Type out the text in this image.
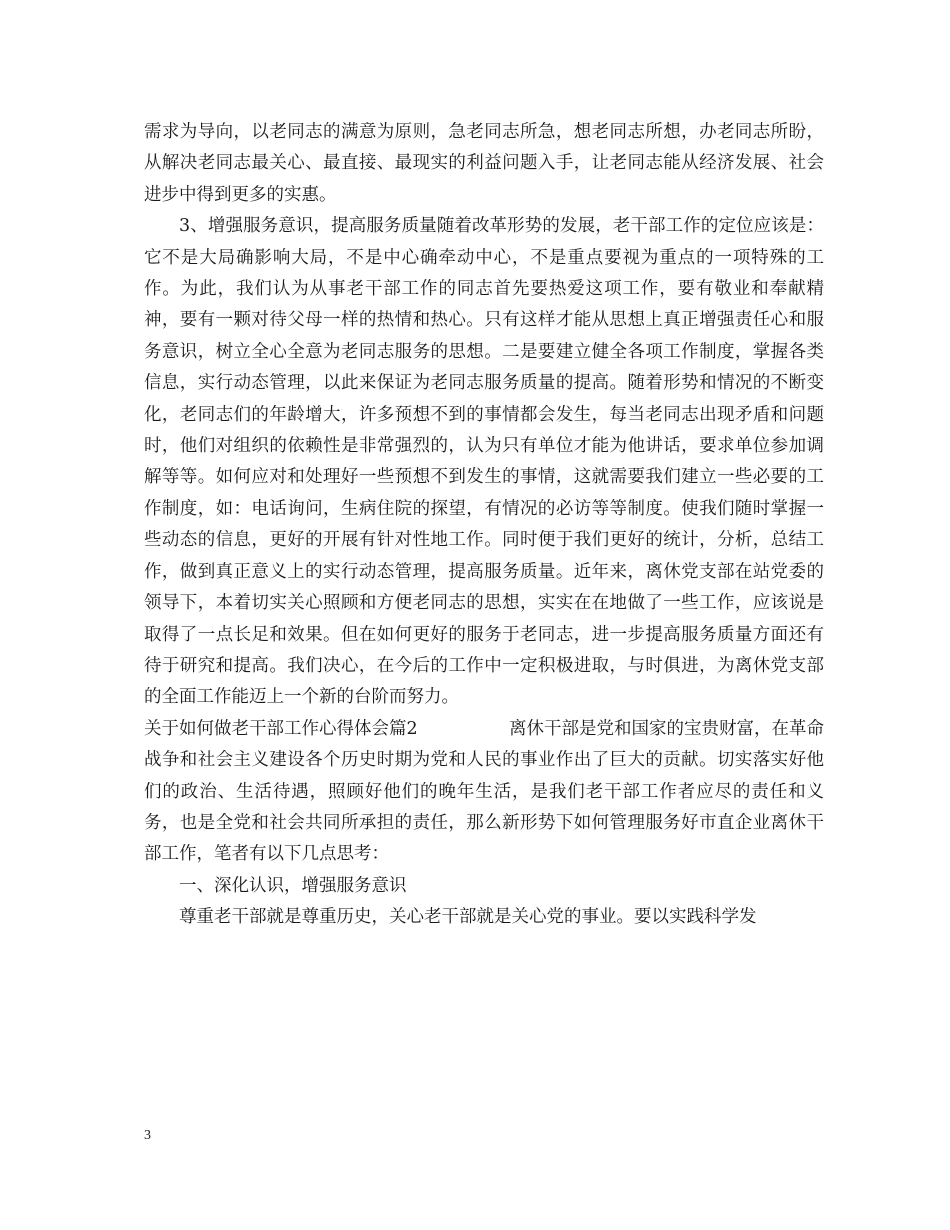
需求为导向，以老同志的满意为原则，急老同志所急，想老同志所想，办老同志所盼，从解决老同志最关心、最直接、最现实的利益问题入手，让老同志能从经济发展、社会进步中得到更多的实惠。

3、增强服务意识，提高服务质量随着改革形势的发展，老干部工作的定位应该是：它不是大局确影响大局，不是中心确牵动中心，不是重点要视为重点的一项特殊的工作。为此，我们认为从事老干部工作的同志首先要热爱这项工作，要有敬业和奉献精神，要有一颗对待父母一样的热情和热心。只有这样才能从思想上真正增强责任心和服务意识，树立全心全意为老同志服务的思想。二是要建立健全各项工作制度，掌握各类信息，实行动态管理，以此来保证为老同志服务质量的提高。随着形势和情况的不断变化，老同志们的年龄增大，许多预想不到的事情都会发生，每当老同志出现矛盾和问题时，他们对组织的依赖性是非常强烈的，认为只有单位才能为他讲话，要求单位参加调解等等。如何应对和处理好一些预想不到发生的事情，这就需要我们建立一些必要的工作制度，如：电话询问，生病住院的探望，有情况的必访等等制度。使我们随时掌握一些动态的信息，更好的开展有针对性地工作。同时便于我们更好的统计，分析，总结工作，做到真正意义上的实行动态管理，提高服务质量。近年来，离休党支部在站党委的领导下，本着切实关心照顾和方便老同志的思想，实实在在地做了一些工作，应该说是取得了一点长足和效果。但在如何更好的服务于老同志，进一步提高服务质量方面还有待于研究和提高。我们决心，在今后的工作中一定积极进取，与时俱进，为离休党支部的全面工作能迈上一个新的台阶而努力。

关于如何做老干部工作心得体会篇2	离休干部是党和国家的宝贵财富，在革命

战争和社会主义建设各个历史时期为党和人民的事业作出了巨大的贡献。切实落实好他们的政治、生活待遇，照顾好他们的晚年生活，是我们老干部工作者应尽的责任和义务，也是全党和社会共同所承担的责任，那么新形势下如何管理服务好市直企业离休干部工作，笔者有以下几点思考：

一、深化认识，增强服务意识

尊重老干部就是尊重历史，关心老干部就是关心党的事业。要以实践科学发

3
